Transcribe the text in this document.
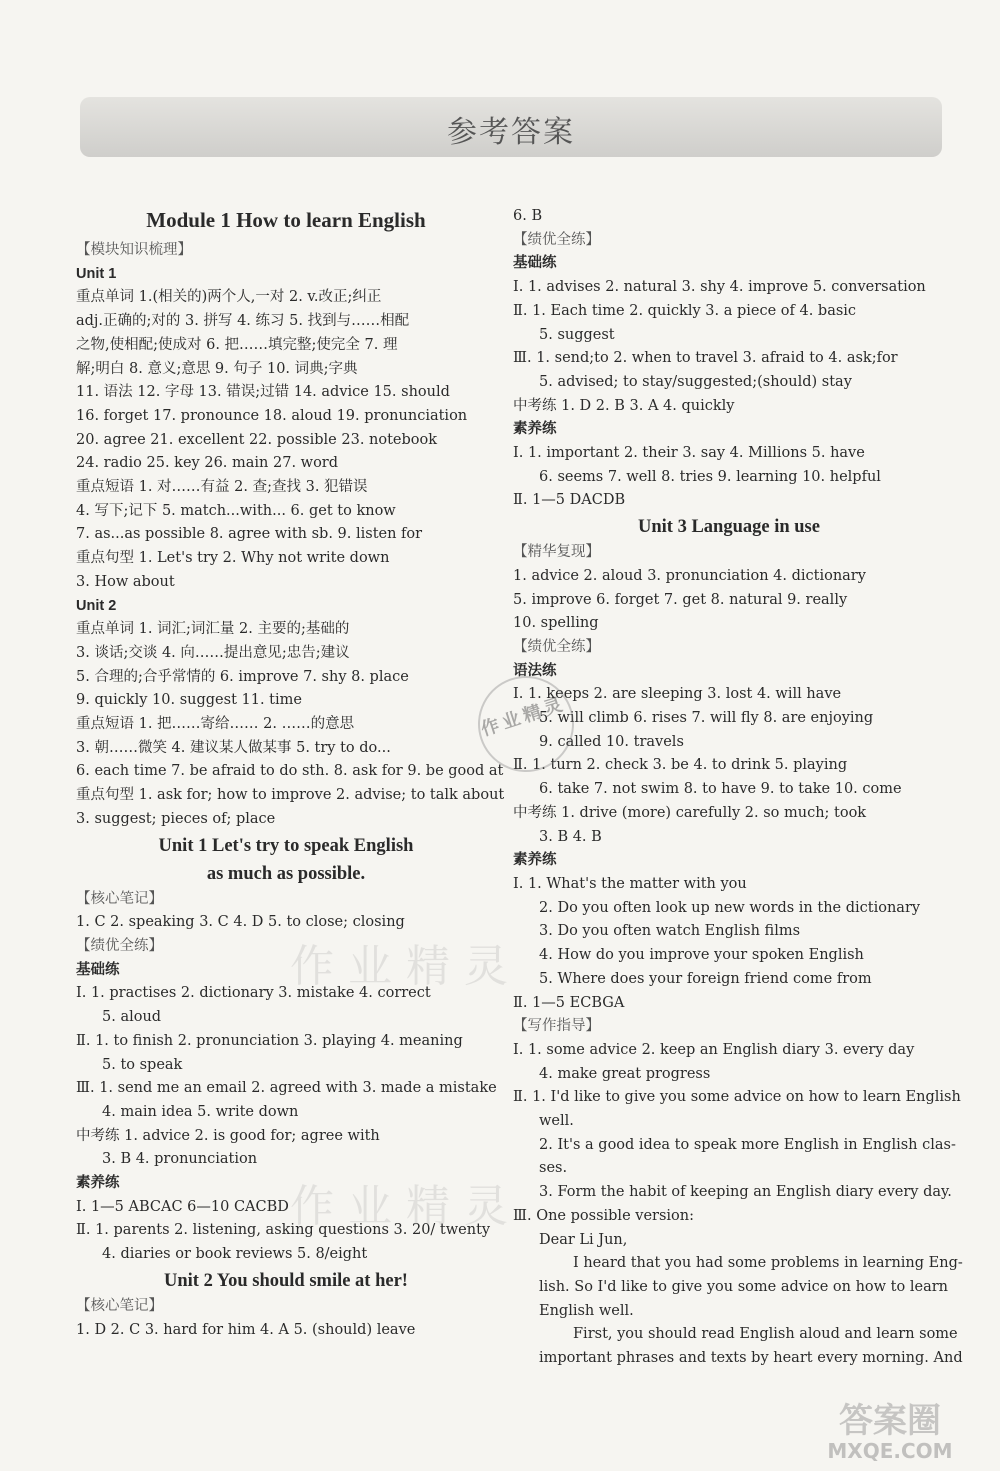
参考答案
Module 1 How to learn English
【模块知识梳理】
Unit 1
重点单词 1.(相关的)两个人,一对 2. v.改正;纠正
adj.正确的;对的 3. 拼写 4. 练习 5. 找到与……相配
之物,使相配;使成对 6. 把……填完整;使完全 7. 理
解;明白 8. 意义;意思 9. 句子 10. 词典;字典
11. 语法 12. 字母 13. 错误;过错 14. advice 15. should
16. forget 17. pronounce 18. aloud 19. pronunciation
20. agree 21. excellent 22. possible 23. notebook
24. radio 25. key 26. main 27. word
重点短语 1. 对……有益 2. 查;查找 3. 犯错误
4. 写下;记下 5. match...with... 6. get to know
7. as...as possible 8. agree with sb. 9. listen for
重点句型 1. Let's try 2. Why not write down
3. How about
Unit 2
重点单词 1. 词汇;词汇量 2. 主要的;基础的
3. 谈话;交谈 4. 向……提出意见;忠告;建议
5. 合理的;合乎常情的 6. improve 7. shy 8. place
9. quickly 10. suggest 11. time
重点短语 1. 把……寄给…… 2. ……的意思
3. 朝……微笑 4. 建议某人做某事 5. try to do...
6. each time 7. be afraid to do sth. 8. ask for 9. be good at
重点句型 1. ask for; how to improve 2. advise; to talk about
3. suggest; pieces of; place
Unit 1 Let's try to speak English
as much as possible.
【核心笔记】
1. C 2. speaking 3. C 4. D 5. to close; closing
【绩优全练】
基础练
Ⅰ. 1. practises 2. dictionary 3. mistake 4. correct
5. aloud
Ⅱ. 1. to finish 2. pronunciation 3. playing 4. meaning
5. to speak
Ⅲ. 1. send me an email 2. agreed with 3. made a mistake
4. main idea 5. write down
中考练 1. advice 2. is good for; agree with
3. B 4. pronunciation
素养练
Ⅰ. 1—5 ABCAC 6—10 CACBD
Ⅱ. 1. parents 2. listening, asking questions 3. 20/ twenty
4. diaries or book reviews 5. 8/eight
Unit 2 You should smile at her!
【核心笔记】
1. D 2. C 3. hard for him 4. A 5. (should) leave
6. B
【绩优全练】
基础练
Ⅰ. 1. advises 2. natural 3. shy 4. improve 5. conversation
Ⅱ. 1. Each time 2. quickly 3. a piece of 4. basic
5. suggest
Ⅲ. 1. send;to 2. when to travel 3. afraid to 4. ask;for
5. advised; to stay/suggested;(should) stay
中考练 1. D 2. B 3. A 4. quickly
素养练
Ⅰ. 1. important 2. their 3. say 4. Millions 5. have
6. seems 7. well 8. tries 9. learning 10. helpful
Ⅱ. 1—5 DACDB
Unit 3 Language in use
【精华复现】
1. advice 2. aloud 3. pronunciation 4. dictionary
5. improve 6. forget 7. get 8. natural 9. really
10. spelling
【绩优全练】
语法练
Ⅰ. 1. keeps 2. are sleeping 3. lost 4. will have
5. will climb 6. rises 7. will fly 8. are enjoying
9. called 10. travels
Ⅱ. 1. turn 2. check 3. be 4. to drink 5. playing
6. take 7. not swim 8. to have 9. to take 10. come
中考练 1. drive (more) carefully 2. so much; took
3. B 4. B
素养练
Ⅰ. 1. What's the matter with you
2. Do you often look up new words in the dictionary
3. Do you often watch English films
4. How do you improve your spoken English
5. Where does your foreign friend come from
Ⅱ. 1—5 ECBGA
【写作指导】
Ⅰ. 1. some advice 2. keep an English diary 3. every day
4. make great progress
Ⅱ. 1. I'd like to give you some advice on how to learn English
well.
2. It's a good idea to speak more English in English clas-
ses.
3. Form the habit of keeping an English diary every day.
Ⅲ. One possible version:
Dear Li Jun,
I heard that you had some problems in learning Eng-
lish. So I'd like to give you some advice on how to learn
English well.
First, you should read English aloud and learn some
important phrases and texts by heart every morning. And
作业精灵
作业精灵
作业精灵
答案圈
MXQE.COM
